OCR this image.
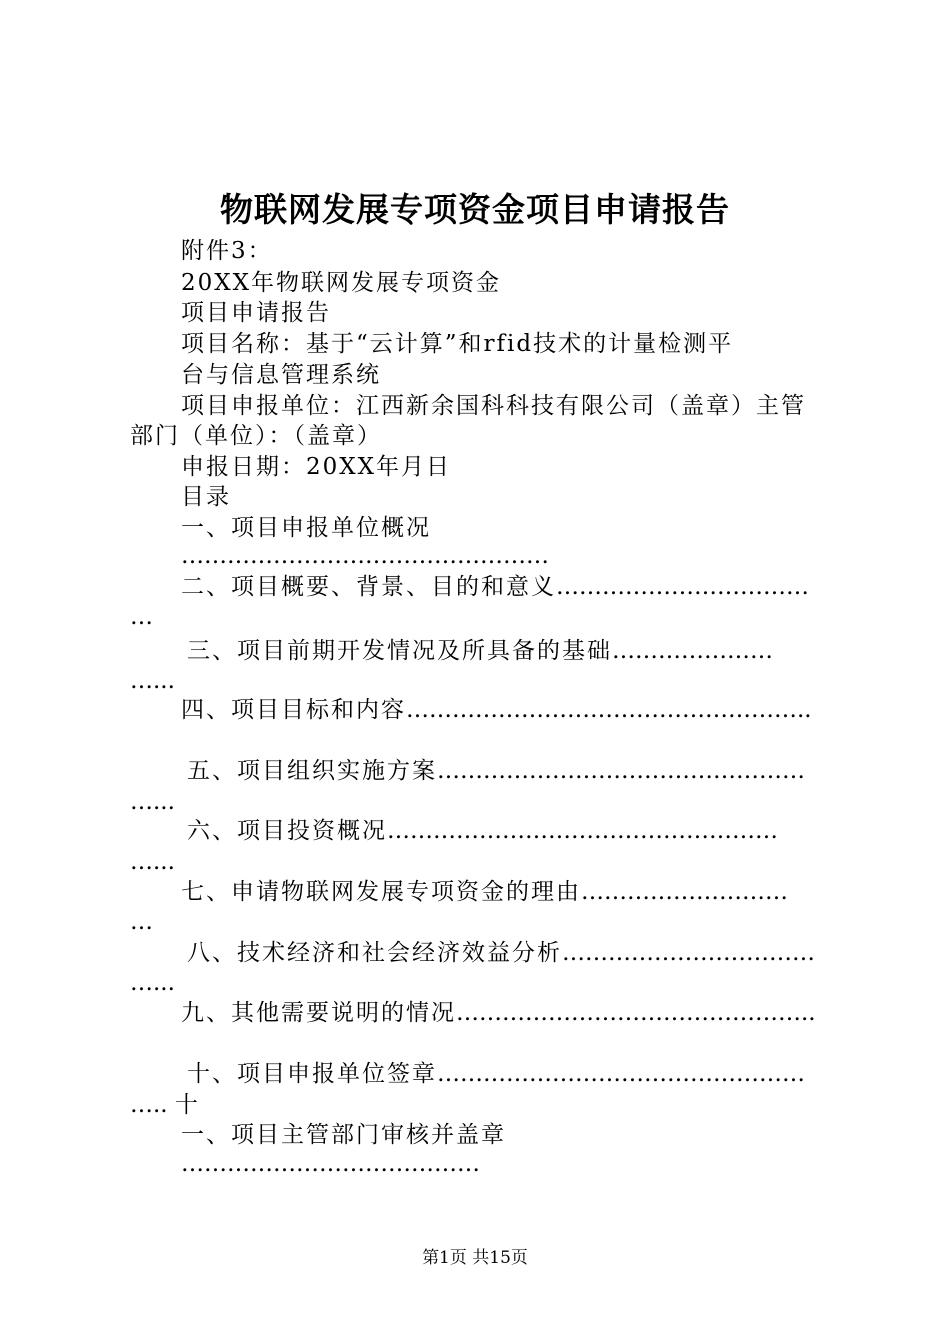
物联网发展专项资金项目申请报告

附件3：

20XX年物联网发展专项资金

项目申请报告

项目名称：基于“云计算”和rfid技术的计量检测平

台与信息管理系统

项目申报单位：江西新余国科科技有限公司（盖章）主管

部门（单位）：（盖章）

申报日期：20XX年月日

目录

一、项目申报单位概况

…………………………………………

二、项目概要、背景、目的和意义……………………………

…

三、项目前期开发情况及所具备的基础…………………

…...

四、项目目标和内容……………………………………………..

五、项目组织实施方案…………………………………………

…...

六、项目投资概况……………………………………………

…...

七、申请物联网发展专项资金的理由………………………

…

八、技术经济和社会经济效益分析……………………………

…...

九、其他需要说明的情况………………………………………..

十、项目申报单位签章…………………………………………

….. 十

一、项目主管部门审核并盖章

…………………………………

第1页 共15页
